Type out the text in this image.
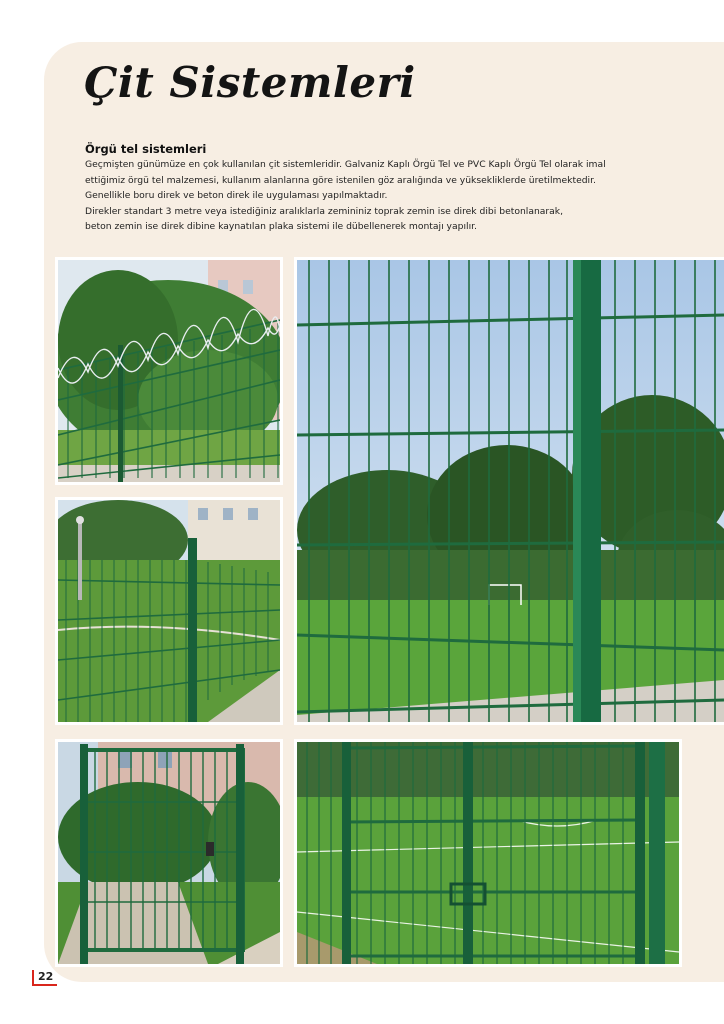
Çit Sistemleri
Örgü tel sistemleri

Geçmişten günümüze en çok kullanılan çit sistemleridir. Galvaniz Kaplı Örgü Tel ve PVC Kaplı Örgü Tel olarak imal

ettiğimiz örgü tel malzemesi, kullanım alanlarına göre istenilen göz aralığında ve yüksekliklerde üretilmektedir.

Genellikle boru direk ve beton direk ile uygulaması yapılmaktadır.

Direkler standart 3 metre veya istediğiniz aralıklarla zemininiz toprak zemin ise direk dibi betonlanarak,

beton zemin ise direk dibine kaynatılan plaka sistemi ile dübellenerek montajı yapılır.

22
